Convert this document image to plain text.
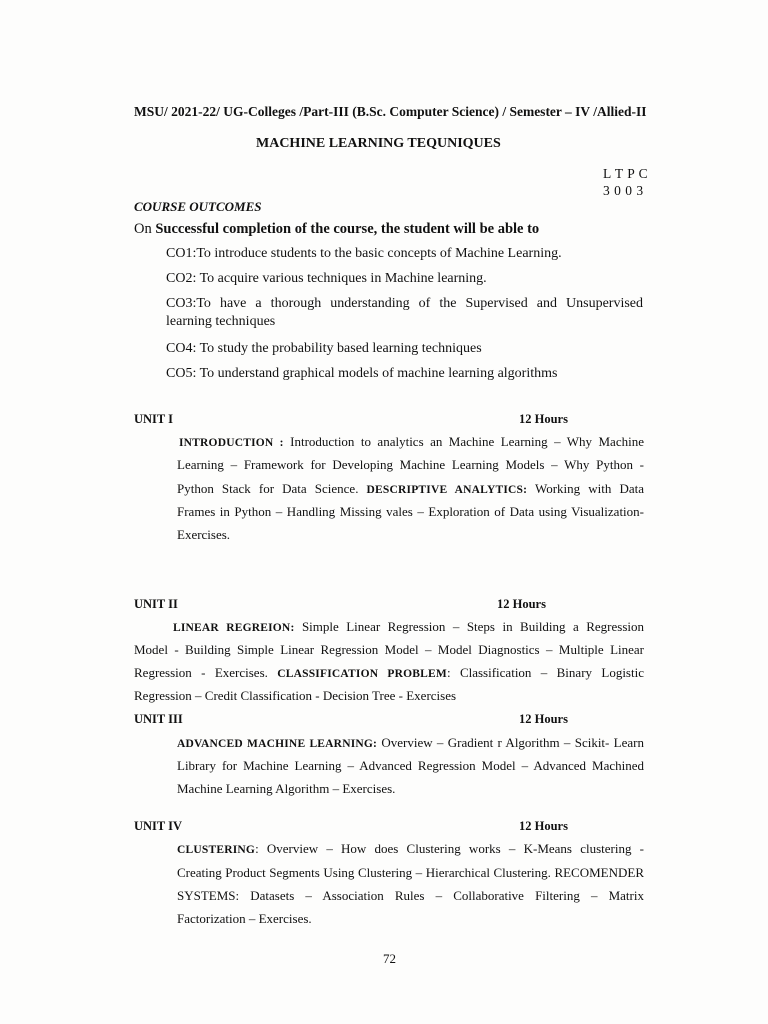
MSU/ 2021-22/ UG-Colleges /Part-III (B.Sc. Computer Science) / Semester – IV /Allied-II
MACHINE LEARNING TEQUNIQUES
L T P C
3 0 0 3
COURSE OUTCOMES
On Successful completion of the course, the student will be able to
CO1:To introduce students to the basic concepts of Machine Learning.
CO2: To acquire various techniques in Machine learning.
CO3:To have a thorough understanding of the Supervised and Unsupervised
learning techniques
CO4: To study the probability based learning techniques
CO5: To understand graphical models of machine learning algorithms
UNIT I	12 Hours
INTRODUCTION : Introduction to analytics an Machine Learning – Why Machine
Learning – Framework for Developing Machine Learning Models – Why Python -
Python Stack for Data Science. DESCRIPTIVE ANALYTICS: Working with Data
Frames in Python – Handling Missing vales – Exploration of Data using Visualization-
Exercises.
UNIT II	12 Hours
LINEAR REGREION: Simple Linear Regression – Steps in Building a Regression
Model - Building Simple Linear Regression Model – Model Diagnostics – Multiple Linear
Regression - Exercises. CLASSIFICATION PROBLEM: Classification – Binary Logistic
Regression – Credit Classification - Decision Tree - Exercises
UNIT III	12 Hours
ADVANCED MACHINE LEARNING: Overview – Gradient r Algorithm – Scikit- Learn
Library for Machine Learning – Advanced Regression Model – Advanced Machined
Machine Learning Algorithm – Exercises.
UNIT IV	12 Hours
CLUSTERING: Overview – How does Clustering works – K-Means clustering -
Creating Product Segments Using Clustering – Hierarchical Clustering. RECOMENDER
SYSTEMS: Datasets – Association Rules – Collaborative Filtering – Matrix
Factorization – Exercises.
72
